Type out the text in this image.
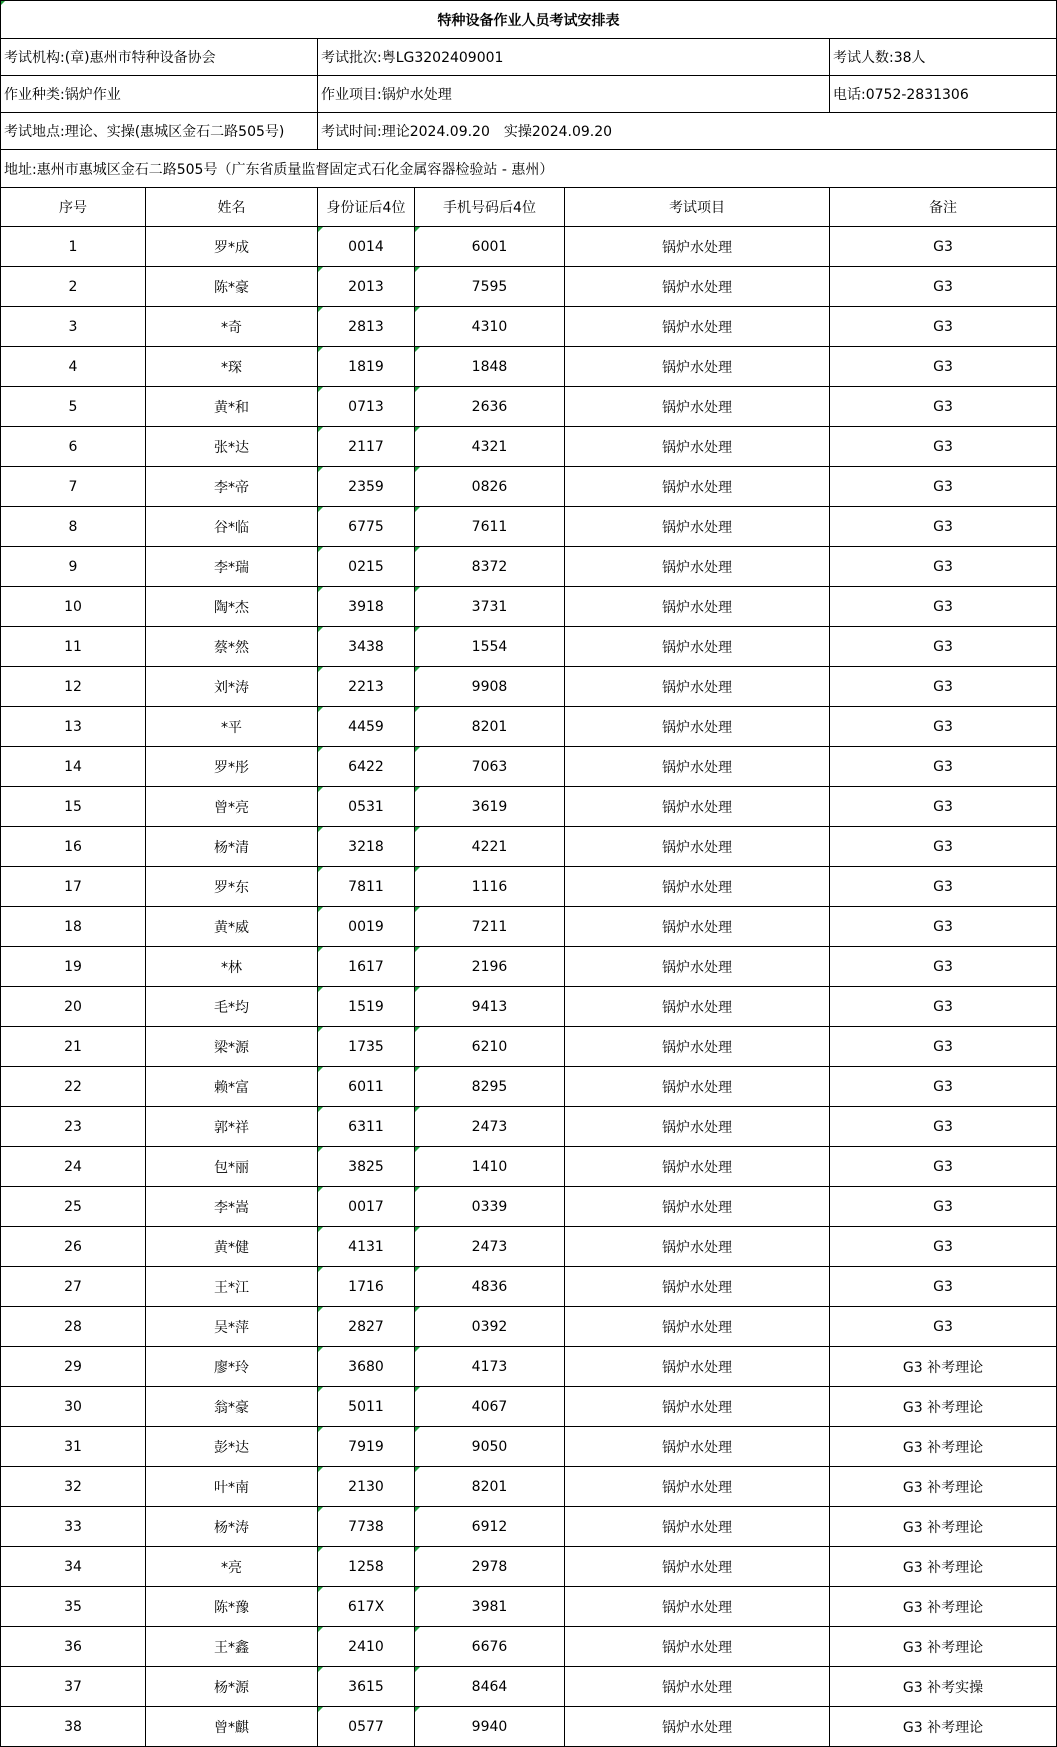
特种设备作业人员考试安排表					
考试机构:(章)惠州市特种设备协会		考试批次:粤LG3202409001			考试人数:38人
作业种类:锅炉作业		作业项目:锅炉水处理			电话:0752-2831306
考试地点:理论、实操(惠城区金石二路505号)		考试时间:理论2024.09.20　实操2024.09.20			
地址:惠州市惠城区金石二路505号（广东省质量监督固定式石化金属容器检验站 - 惠州）					
序号	姓名	身份证后4位	手机号码后4位	考试项目	备注
1	罗*成	0014	6001	锅炉水处理	G3
2	陈*豪	2013	7595	锅炉水处理	G3
3	*奇	2813	4310	锅炉水处理	G3
4	*琛	1819	1848	锅炉水处理	G3
5	黄*和	0713	2636	锅炉水处理	G3
6	张*达	2117	4321	锅炉水处理	G3
7	李*帝	2359	0826	锅炉水处理	G3
8	谷*临	6775	7611	锅炉水处理	G3
9	李*瑞	0215	8372	锅炉水处理	G3
10	陶*杰	3918	3731	锅炉水处理	G3
11	蔡*然	3438	1554	锅炉水处理	G3
12	刘*涛	2213	9908	锅炉水处理	G3
13	*平	4459	8201	锅炉水处理	G3
14	罗*彤	6422	7063	锅炉水处理	G3
15	曾*亮	0531	3619	锅炉水处理	G3
16	杨*清	3218	4221	锅炉水处理	G3
17	罗*东	7811	1116	锅炉水处理	G3
18	黄*威	0019	7211	锅炉水处理	G3
19	*林	1617	2196	锅炉水处理	G3
20	毛*均	1519	9413	锅炉水处理	G3
21	梁*源	1735	6210	锅炉水处理	G3
22	赖*富	6011	8295	锅炉水处理	G3
23	郭*祥	6311	2473	锅炉水处理	G3
24	包*丽	3825	1410	锅炉水处理	G3
25	李*嵩	0017	0339	锅炉水处理	G3
26	黄*健	4131	2473	锅炉水处理	G3
27	王*江	1716	4836	锅炉水处理	G3
28	吴*萍	2827	0392	锅炉水处理	G3
29	廖*玲	3680	4173	锅炉水处理	G3 补考理论
30	翁*豪	5011	4067	锅炉水处理	G3 补考理论
31	彭*达	7919	9050	锅炉水处理	G3 补考理论
32	叶*南	2130	8201	锅炉水处理	G3 补考理论
33	杨*涛	7738	6912	锅炉水处理	G3 补考理论
34	*亮	1258	2978	锅炉水处理	G3 补考理论
35	陈*豫	617X	3981	锅炉水处理	G3 补考理论
36	王*鑫	2410	6676	锅炉水处理	G3 补考理论
37	杨*源	3615	8464	锅炉水处理	G3 补考实操
38	曾*麒	0577	9940	锅炉水处理	G3 补考理论
